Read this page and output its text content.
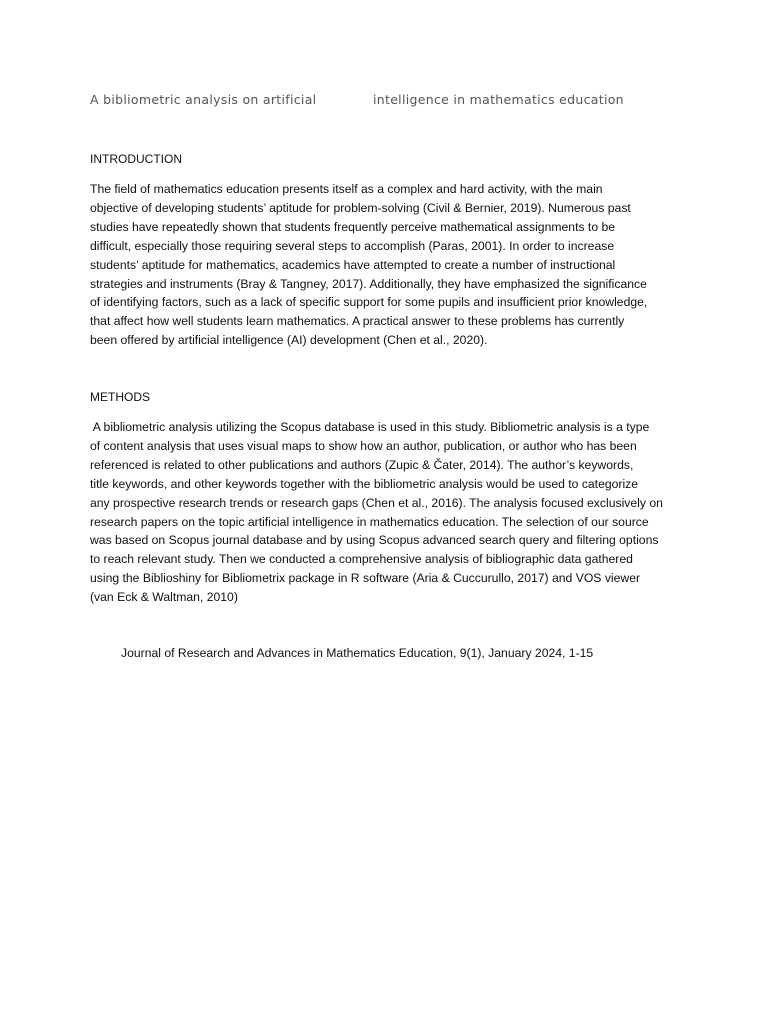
A bibliometric analysis on artificial	intelligence in mathematics education
INTRODUCTION
The field of mathematics education presents itself as a complex and hard activity, with the main
objective of developing students’ aptitude for problem-solving (Civil & Bernier, 2019). Numerous past
studies have repeatedly shown that students frequently perceive mathematical assignments to be
difficult, especially those requiring several steps to accomplish (Paras, 2001). In order to increase
students’ aptitude for mathematics, academics have attempted to create a number of instructional
strategies and instruments (Bray & Tangney, 2017). Additionally, they have emphasized the significance
of identifying factors, such as a lack of specific support for some pupils and insufficient prior knowledge,
that affect how well students learn mathematics. A practical answer to these problems has currently
been offered by artificial intelligence (AI) development (Chen et al., 2020).
METHODS
A bibliometric analysis utilizing the Scopus database is used in this study. Bibliometric analysis is a type
of content analysis that uses visual maps to show how an author, publication, or author who has been
referenced is related to other publications and authors (Zupic & Čater, 2014). The author’s keywords,
title keywords, and other keywords together with the bibliometric analysis would be used to categorize
any prospective research trends or research gaps (Chen et al., 2016). The analysis focused exclusively on
research papers on the topic artificial intelligence in mathematics education. The selection of our source
was based on Scopus journal database and by using Scopus advanced search query and filtering options
to reach relevant study. Then we conducted a comprehensive analysis of bibliographic data gathered
using the Biblioshiny for Bibliometrix package in R software (Aria & Cuccurullo, 2017) and VOS viewer
(van Eck & Waltman, 2010)
Journal of Research and Advances in Mathematics Education, 9(1), January 2024, 1-15
